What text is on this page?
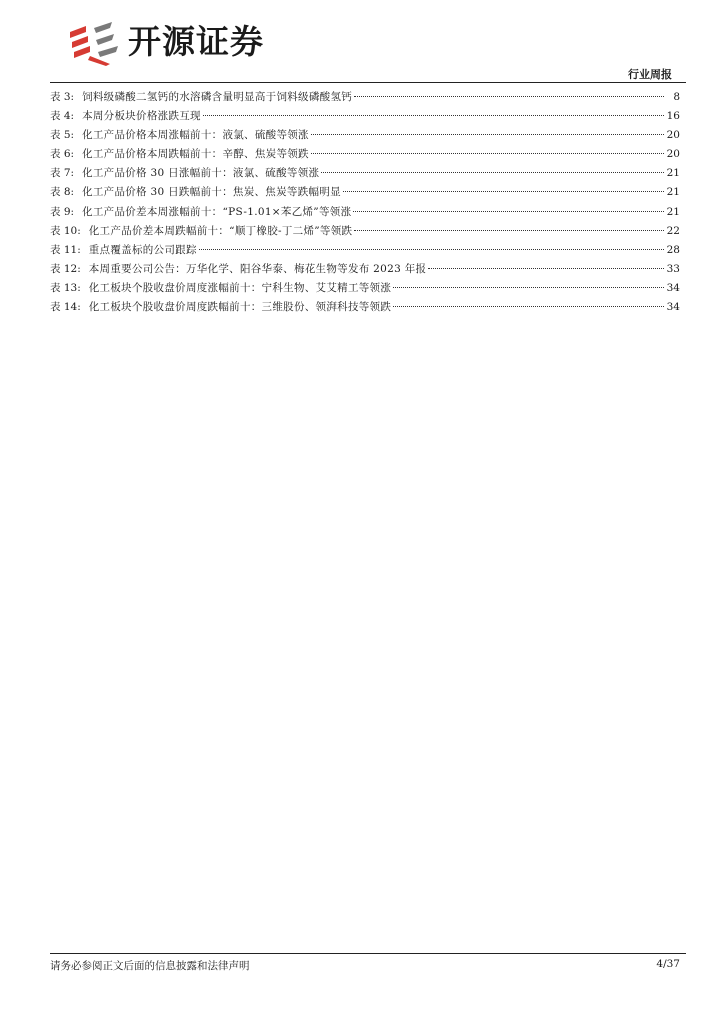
开源证券
行业周报
表 3: 饲料级磷酸二氢钙的水溶磷含量明显高于饲料级磷酸氢钙	8
表 4: 本周分板块价格涨跌互现	16
表 5: 化工产品价格本周涨幅前十：液氯、硫酸等领涨	20
表 6: 化工产品价格本周跌幅前十：辛醇、焦炭等领跌	20
表 7: 化工产品价格 30 日涨幅前十：液氯、硫酸等领涨	21
表 8: 化工产品价格 30 日跌幅前十：焦炭、焦炭等跌幅明显	21
表 9: 化工产品价差本周涨幅前十：“PS-1.01×苯乙烯”等领涨	21
表 10: 化工产品价差本周跌幅前十：“顺丁橡胶-丁二烯”等领跌	22
表 11: 重点覆盖标的公司跟踪	28
表 12: 本周重要公司公告：万华化学、阳谷华泰、梅花生物等发布 2023 年报	33
表 13: 化工板块个股收盘价周度涨幅前十：宁科生物、艾艾精工等领涨	34
表 14: 化工板块个股收盘价周度跌幅前十：三维股份、领湃科技等领跌	34
请务必参阅正文后面的信息披露和法律声明	4/37
